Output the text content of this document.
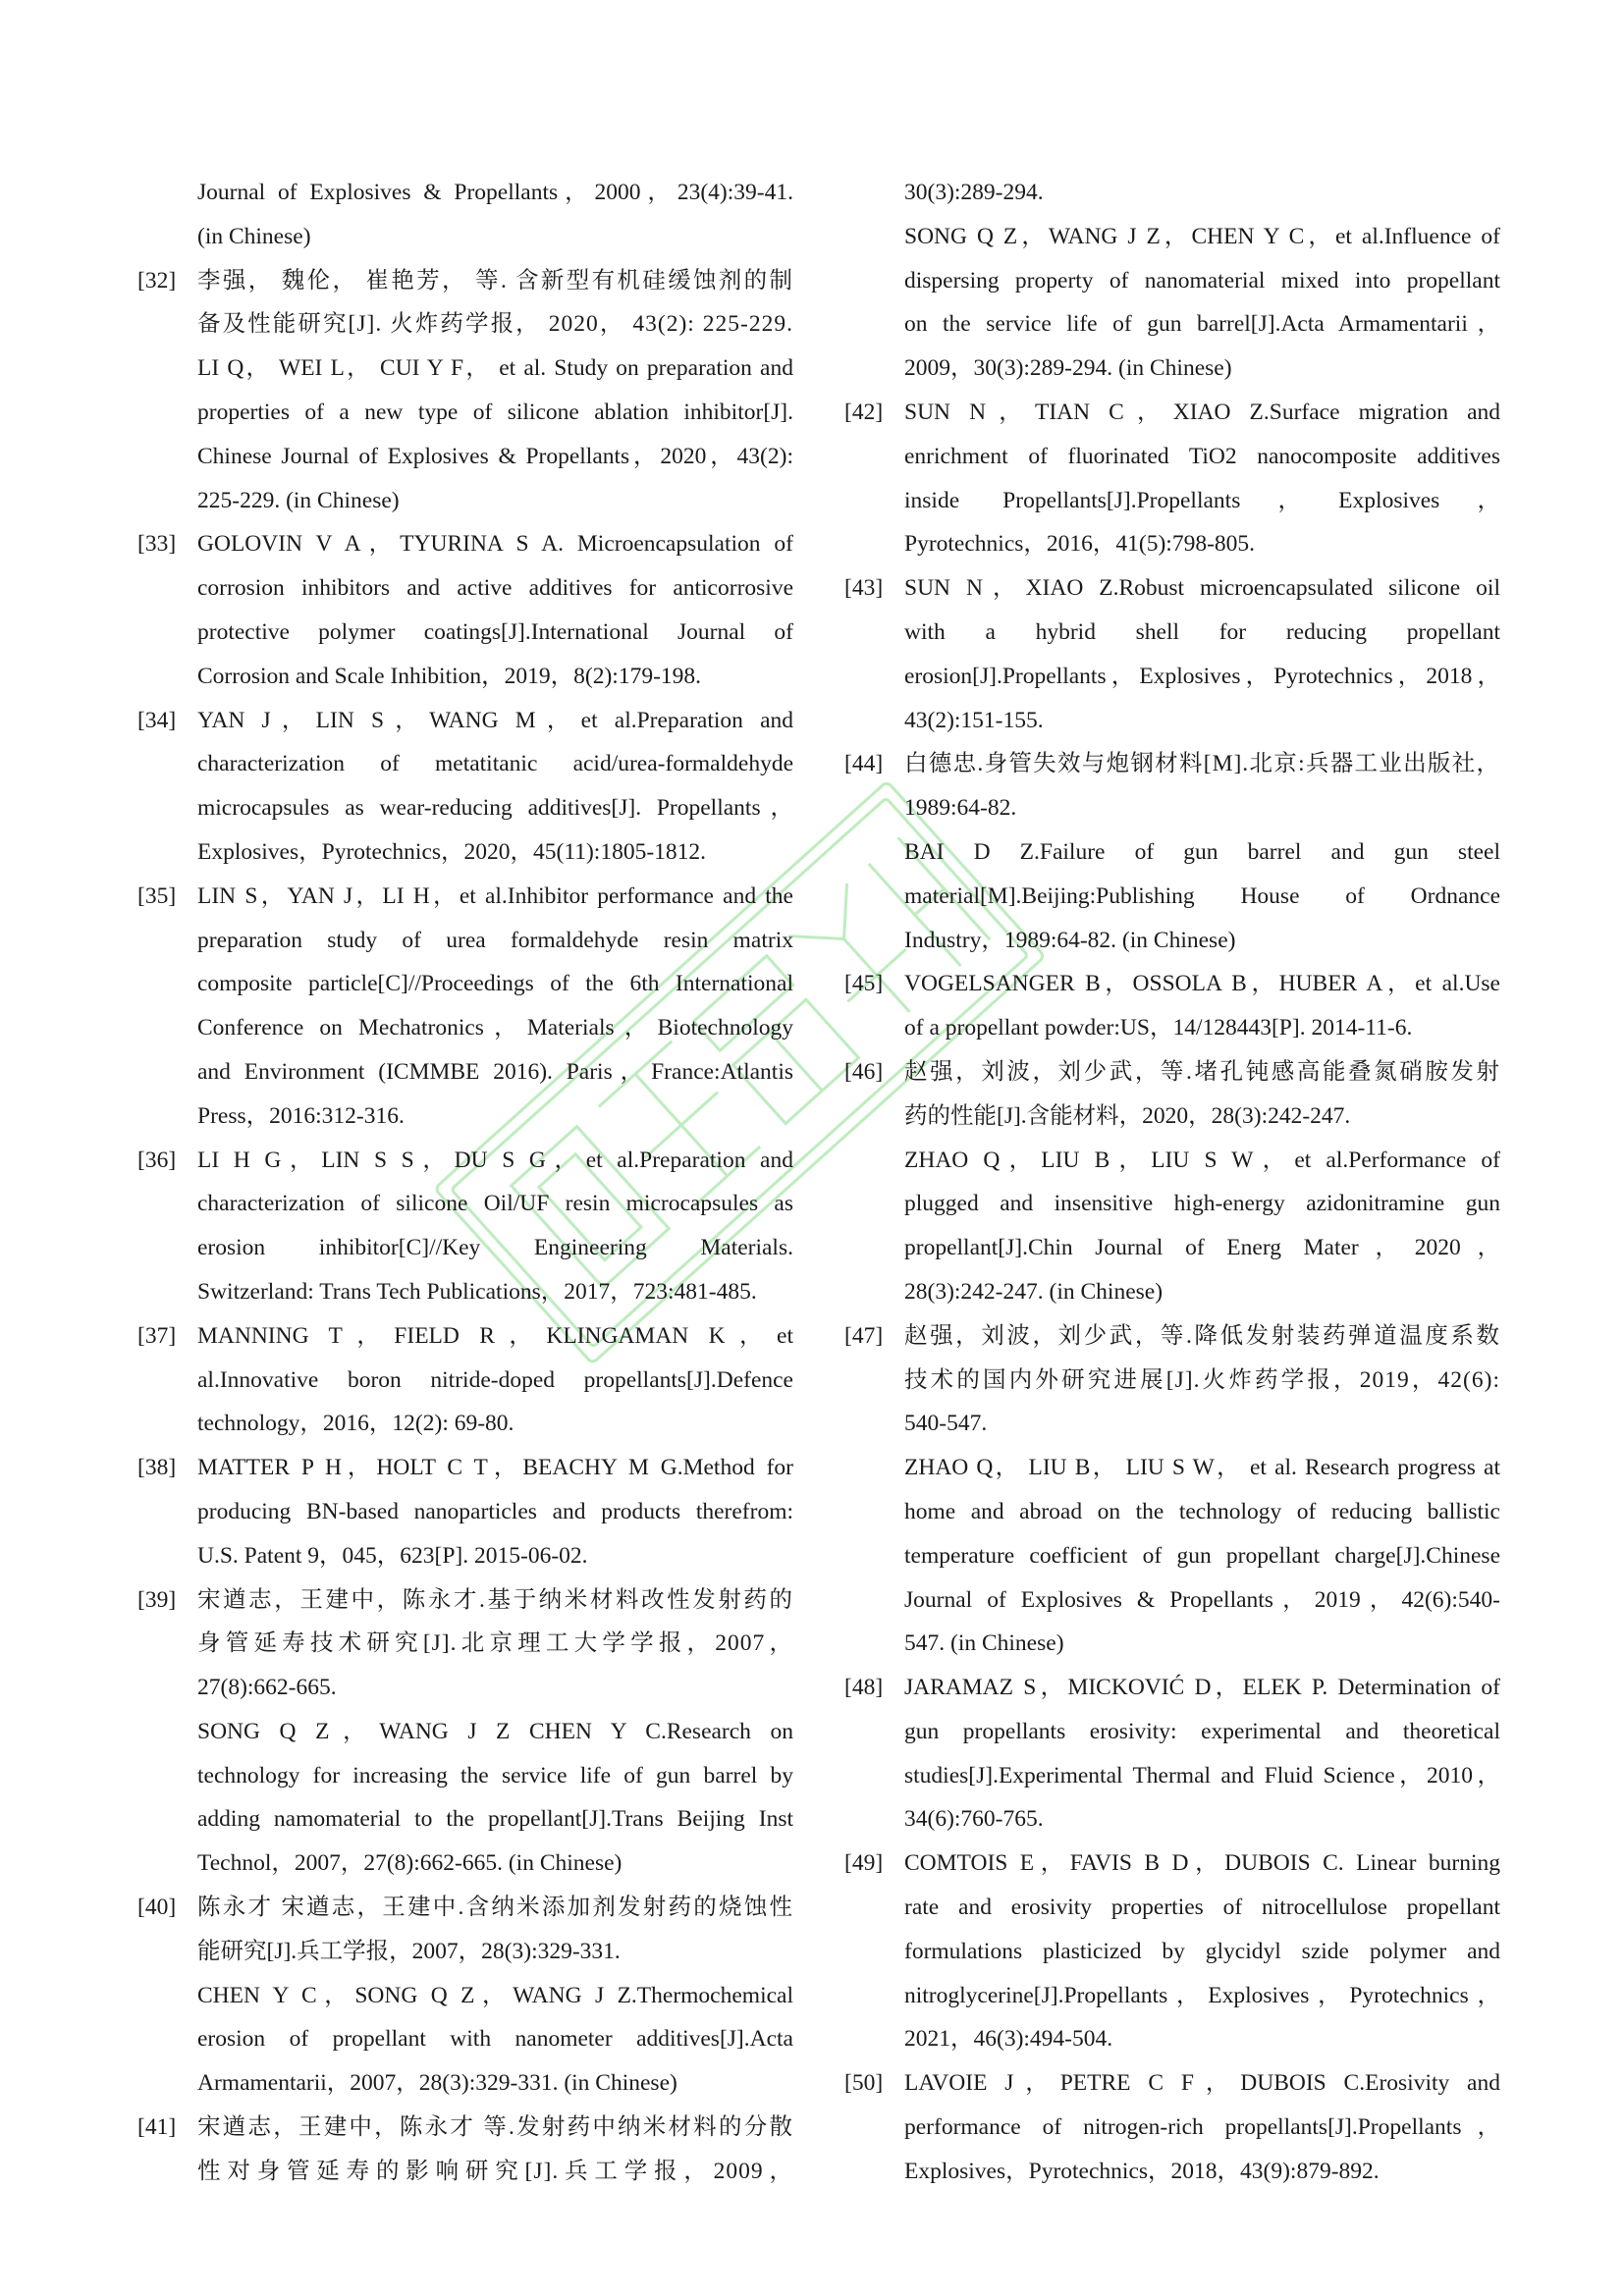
Journal of Explosives & Propellants，2000，23(4):39-41.
(in Chinese)
[32] 李强， 魏伦， 崔艳芳， 等. 含新型有机硅缓蚀剂的制
备及性能研究[J]. 火炸药学报， 2020， 43(2): 225-229.
LI Q， WEI L， CUI Y F， et al. Study on preparation and
properties of a new type of silicone ablation inhibitor[J].
Chinese Journal of Explosives & Propellants，2020，43(2):
225-229. (in Chinese)
[33] GOLOVIN V A，TYURINA S A. Microencapsulation of
corrosion inhibitors and active additives for anticorrosive
protective polymer coatings[J].International Journal of
Corrosion and Scale Inhibition，2019，8(2):179-198.
[34] YAN J，LIN S，WANG M，et al.Preparation and
characterization of metatitanic acid/urea-formaldehyde
microcapsules as wear-reducing additives[J]. Propellants，
Explosives，Pyrotechnics，2020，45(11):1805-1812.
[35] LIN S，YAN J，LI H，et al.Inhibitor performance and the
preparation study of urea formaldehyde resin matrix
composite particle[C]//Proceedings of the 6th International
Conference on Mechatronics，Materials，Biotechnology
and Environment (ICMMBE 2016). Paris，France:Atlantis
Press，2016:312-316.
[36] LI H G，LIN S S，DU S G，et al.Preparation and
characterization of silicone Oil/UF resin microcapsules as
erosion inhibitor[C]//Key Engineering Materials.
Switzerland: Trans Tech Publications，2017，723:481-485.
[37] MANNING T，FIELD R，KLINGAMAN K，et
al.Innovative boron nitride-doped propellants[J].Defence
technology，2016，12(2): 69-80.
[38] MATTER P H，HOLT C T，BEACHY M G.Method for
producing BN-based nanoparticles and products therefrom:
U.S. Patent 9，045，623[P]. 2015-06-02.
[39] 宋遒志，王建中，陈永才.基于纳米材料改性发射药的
身管延寿技术研究[J].北京理工大学学报，2007，
27(8):662-665.
SONG Q Z，WANG J Z CHEN Y C.Research on
technology for increasing the service life of gun barrel by
adding namomaterial to the propellant[J].Trans Beijing Inst
Technol，2007，27(8):662-665. (in Chinese)
[40] 陈永才 宋遒志，王建中.含纳米添加剂发射药的烧蚀性
能研究[J].兵工学报，2007，28(3):329-331.
CHEN Y C，SONG Q Z，WANG J Z.Thermochemical
erosion of propellant with nanometer additives[J].Acta
Armamentarii，2007，28(3):329-331. (in Chinese)
[41] 宋遒志，王建中，陈永才 等.发射药中纳米材料的分散
性对身管延寿的影响研究[J].兵工学报，2009，
30(3):289-294.
SONG Q Z，WANG J Z，CHEN Y C，et al.Influence of
dispersing property of nanomaterial mixed into propellant
on the service life of gun barrel[J].Acta Armamentarii，
2009，30(3):289-294. (in Chinese)
[42] SUN N，TIAN C，XIAO Z.Surface migration and
enrichment of fluorinated TiO2 nanocomposite additives
inside Propellants[J].Propellants，Explosives，
Pyrotechnics，2016，41(5):798-805.
[43] SUN N，XIAO Z.Robust microencapsulated silicone oil
with a hybrid shell for reducing propellant
erosion[J].Propellants，Explosives，Pyrotechnics，2018，
43(2):151-155.
[44] 白德忠.身管失效与炮钢材料[M].北京:兵器工业出版社，
1989:64-82.
BAI D Z.Failure of gun barrel and gun steel
material[M].Beijing:Publishing House of Ordnance
Industry，1989:64-82. (in Chinese)
[45] VOGELSANGER B，OSSOLA B，HUBER A，et al.Use
of a propellant powder:US，14/128443[P]. 2014-11-6.
[46] 赵强，刘波，刘少武，等.堵孔钝感高能叠氮硝胺发射
药的性能[J].含能材料，2020，28(3):242-247.
ZHAO Q，LIU B，LIU S W，et al.Performance of
plugged and insensitive high-energy azidonitramine gun
propellant[J].Chin Journal of Energ Mater，2020，
28(3):242-247. (in Chinese)
[47] 赵强，刘波，刘少武，等.降低发射装药弹道温度系数
技术的国内外研究进展[J].火炸药学报，2019，42(6):
540-547.
ZHAO Q， LIU B， LIU S W， et al. Research progress at
home and abroad on the technology of reducing ballistic
temperature coefficient of gun propellant charge[J].Chinese
Journal of Explosives & Propellants，2019，42(6):540-
547. (in Chinese)
[48] JARAMAZ S，MICKOVIĆ D，ELEK P. Determination of
gun propellants erosivity: experimental and theoretical
studies[J].Experimental Thermal and Fluid Science，2010，
34(6):760-765.
[49] COMTOIS E，FAVIS B D，DUBOIS C. Linear burning
rate and erosivity properties of nitrocellulose propellant
formulations plasticized by glycidyl szide polymer and
nitroglycerine[J].Propellants，Explosives，Pyrotechnics，
2021，46(3):494-504.
[50] LAVOIE J，PETRE C F，DUBOIS C.Erosivity and
performance of nitrogen-rich propellants[J].Propellants，
Explosives，Pyrotechnics，2018，43(9):879-892.
